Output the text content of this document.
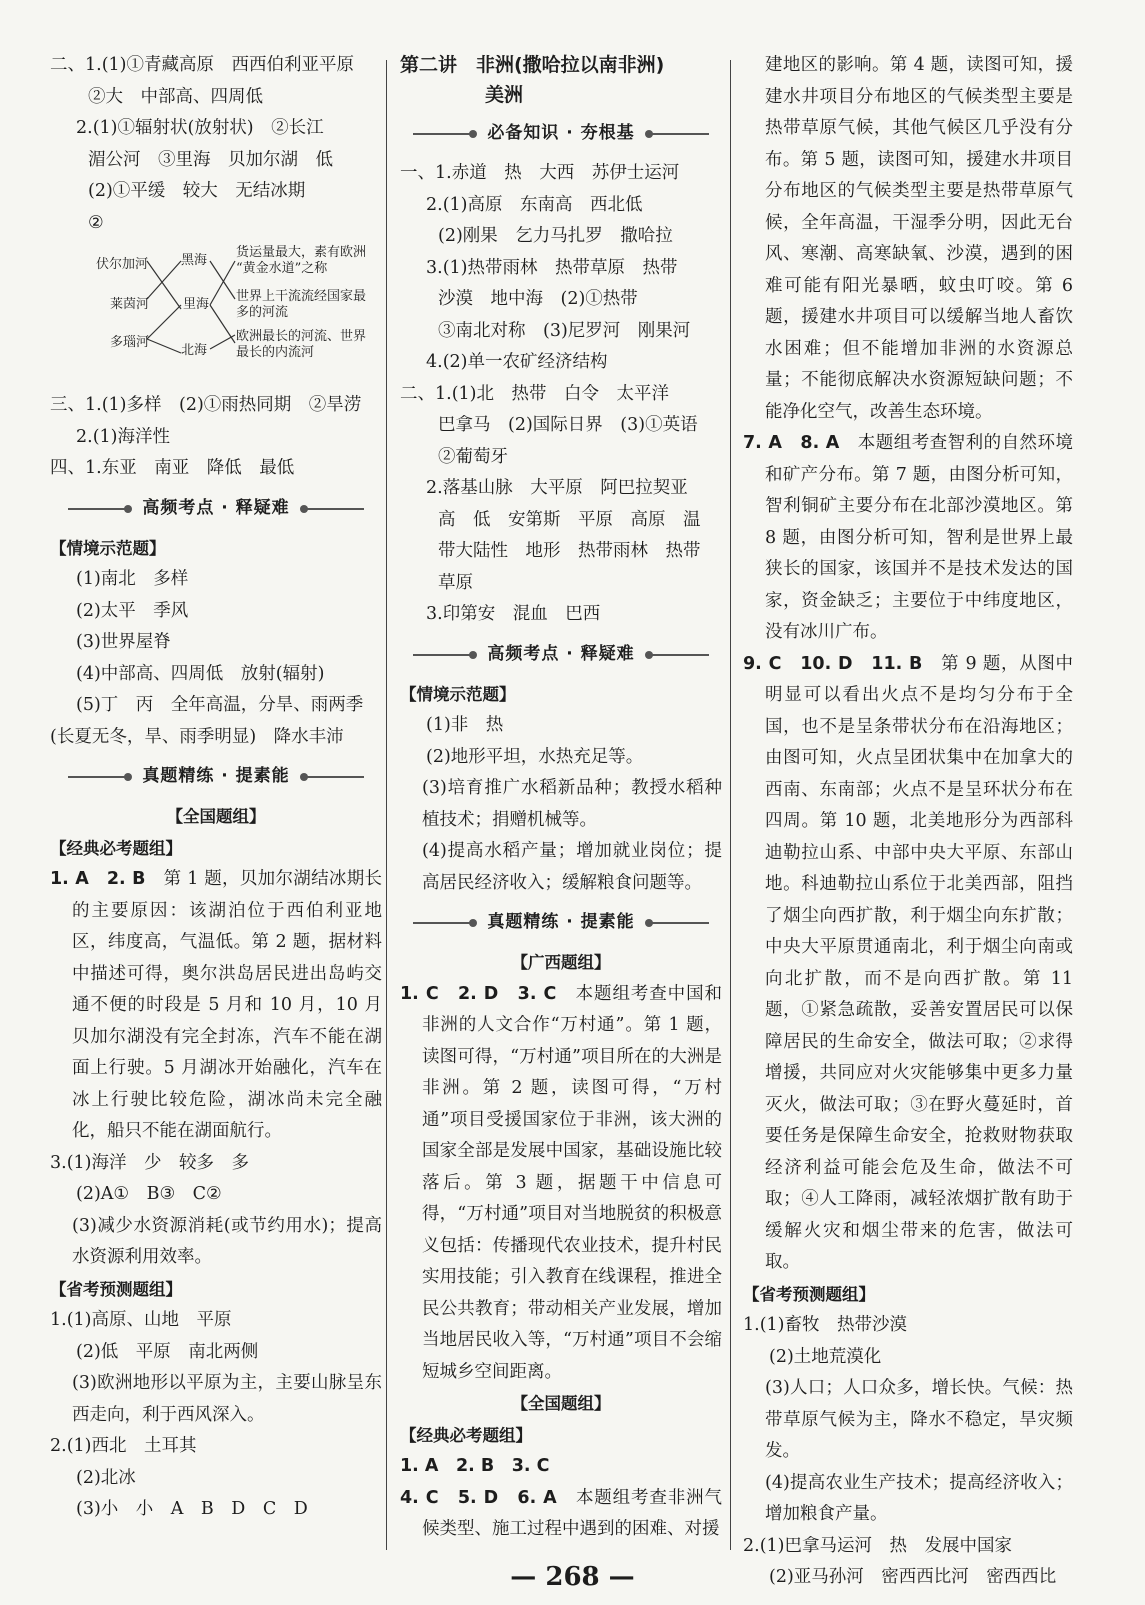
二、1.(1)①青藏高原　西西伯利亚平原
②大　中部高、四周低
2.(1)①辐射状(放射状)　②长江
湄公河　③里海　贝加尔湖　低
(2)①平缓　较大　无结冰期
②
伏尔加河
莱茵河
多瑙河
黑海
里海
北海
货运量最大，素有欧洲
“黄金水道”之称
世界上干流流经国家最
多的河流
欧洲最长的河流、世界
最长的内流河
三、1.(1)多样　(2)①雨热同期　②旱涝
2.(1)海洋性
四、1.东亚　南亚　降低　最低
高频考点 · 释疑难
【情境示范题】
(1)南北　多样
(2)太平　季风
(3)世界屋脊
(4)中部高、四周低　放射(辐射)
(5)丁　丙　全年高温，分旱、雨两季
(长夏无冬，旱、雨季明显)　降水丰沛
真题精练 · 提素能
【全国题组】
【经典必考题组】
1. A　2. B　第 1 题，贝加尔湖结冰期长的主要原因：该湖泊位于西伯利亚地区，纬度高，气温低。第 2 题，据材料中描述可得，奥尔洪岛居民进出岛屿交通不便的时段是 5 月和 10 月，10 月贝加尔湖没有完全封冻，汽车不能在湖面上行驶。5 月湖冰开始融化，汽车在冰上行驶比较危险，湖冰尚未完全融化，船只不能在湖面航行。
3.(1)海洋　少　较多　多
(2)A①　B③　C②
(3)减少水资源消耗(或节约用水)；提高水资源利用效率。
【省考预测题组】
1.(1)高原、山地　平原
(2)低　平原　南北两侧
(3)欧洲地形以平原为主，主要山脉呈东西走向，利于西风深入。
2.(1)西北　土耳其
(2)北冰
(3)小　小　A　B　D　C　D
第二讲　非洲(撒哈拉以南非洲)
美洲
必备知识 · 夯根基
一、1.赤道　热　大西　苏伊士运河
2.(1)高原　东南高　西北低
(2)刚果　乞力马扎罗　撒哈拉
3.(1)热带雨林　热带草原　热带
沙漠　地中海　(2)①热带
③南北对称　(3)尼罗河　刚果河
4.(2)单一农矿经济结构
二、1.(1)北　热带　白令　太平洋
巴拿马　(2)国际日界　(3)①英语
②葡萄牙
2.落基山脉　大平原　阿巴拉契亚
高　低　安第斯　平原　高原　温
带大陆性　地形　热带雨林　热带
草原
3.印第安　混血　巴西
高频考点 · 释疑难
【情境示范题】
(1)非　热
(2)地形平坦，水热充足等。
(3)培育推广水稻新品种；教授水稻种植技术；捐赠机械等。
(4)提高水稻产量；增加就业岗位；提高居民经济收入；缓解粮食问题等。
真题精练 · 提素能
【广西题组】
1. C　2. D　3. C　本题组考查中国和非洲的人文合作“万村通”。第 1 题，读图可得，“万村通”项目所在的大洲是非洲。第 2 题，读图可得，“万村通”项目受援国家位于非洲，该大洲的国家全部是发展中国家，基础设施比较落后。第 3 题，据题干中信息可得，“万村通”项目对当地脱贫的积极意义包括：传播现代农业技术，提升村民实用技能；引入教育在线课程，推进全民公共教育；带动相关产业发展，增加当地居民收入等，“万村通”项目不会缩短城乡空间距离。
【全国题组】
【经典必考题组】
1. A　2. B　3. C
4. C　5. D　6. A　本题组考查非洲气候类型、施工过程中遇到的困难、对援
建地区的影响。第 4 题，读图可知，援建水井项目分布地区的气候类型主要是热带草原气候，其他气候区几乎没有分布。第 5 题，读图可知，援建水井项目分布地区的气候类型主要是热带草原气候，全年高温，干湿季分明，因此无台风、寒潮、高寒缺氧、沙漠，遇到的困难可能有阳光暴晒，蚊虫叮咬。第 6 题，援建水井项目可以缓解当地人畜饮水困难；但不能增加非洲的水资源总量；不能彻底解决水资源短缺问题；不能净化空气，改善生态环境。
7. A　8. A　本题组考查智利的自然环境和矿产分布。第 7 题，由图分析可知，智利铜矿主要分布在北部沙漠地区。第 8 题，由图分析可知，智利是世界上最狭长的国家，该国并不是技术发达的国家，资金缺乏；主要位于中纬度地区，没有冰川广布。
9. C　10. D　11. B　第 9 题，从图中明显可以看出火点不是均匀分布于全国，也不是呈条带状分布在沿海地区；由图可知，火点呈团状集中在加拿大的西南、东南部；火点不是呈环状分布在四周。第 10 题，北美地形分为西部科迪勒拉山系、中部中央大平原、东部山地。科迪勒拉山系位于北美西部，阻挡了烟尘向西扩散，利于烟尘向东扩散；中央大平原贯通南北，利于烟尘向南或向北扩散，而不是向西扩散。第 11 题，①紧急疏散，妥善安置居民可以保障居民的生命安全，做法可取；②求得增援，共同应对火灾能够集中更多力量灭火，做法可取；③在野火蔓延时，首要任务是保障生命安全，抢救财物获取经济利益可能会危及生命，做法不可取；④人工降雨，减轻浓烟扩散有助于缓解火灾和烟尘带来的危害，做法可取。
【省考预测题组】
1.(1)畜牧　热带沙漠
(2)土地荒漠化
(3)人口；人口众多，增长快。气候：热带草原气候为主，降水不稳定，旱灾频发。
(4)提高农业生产技术；提高经济收入；增加粮食产量。
2.(1)巴拿马运河　热　发展中国家
(2)亚马孙河　密西西比河　密西西比
— 268 —
